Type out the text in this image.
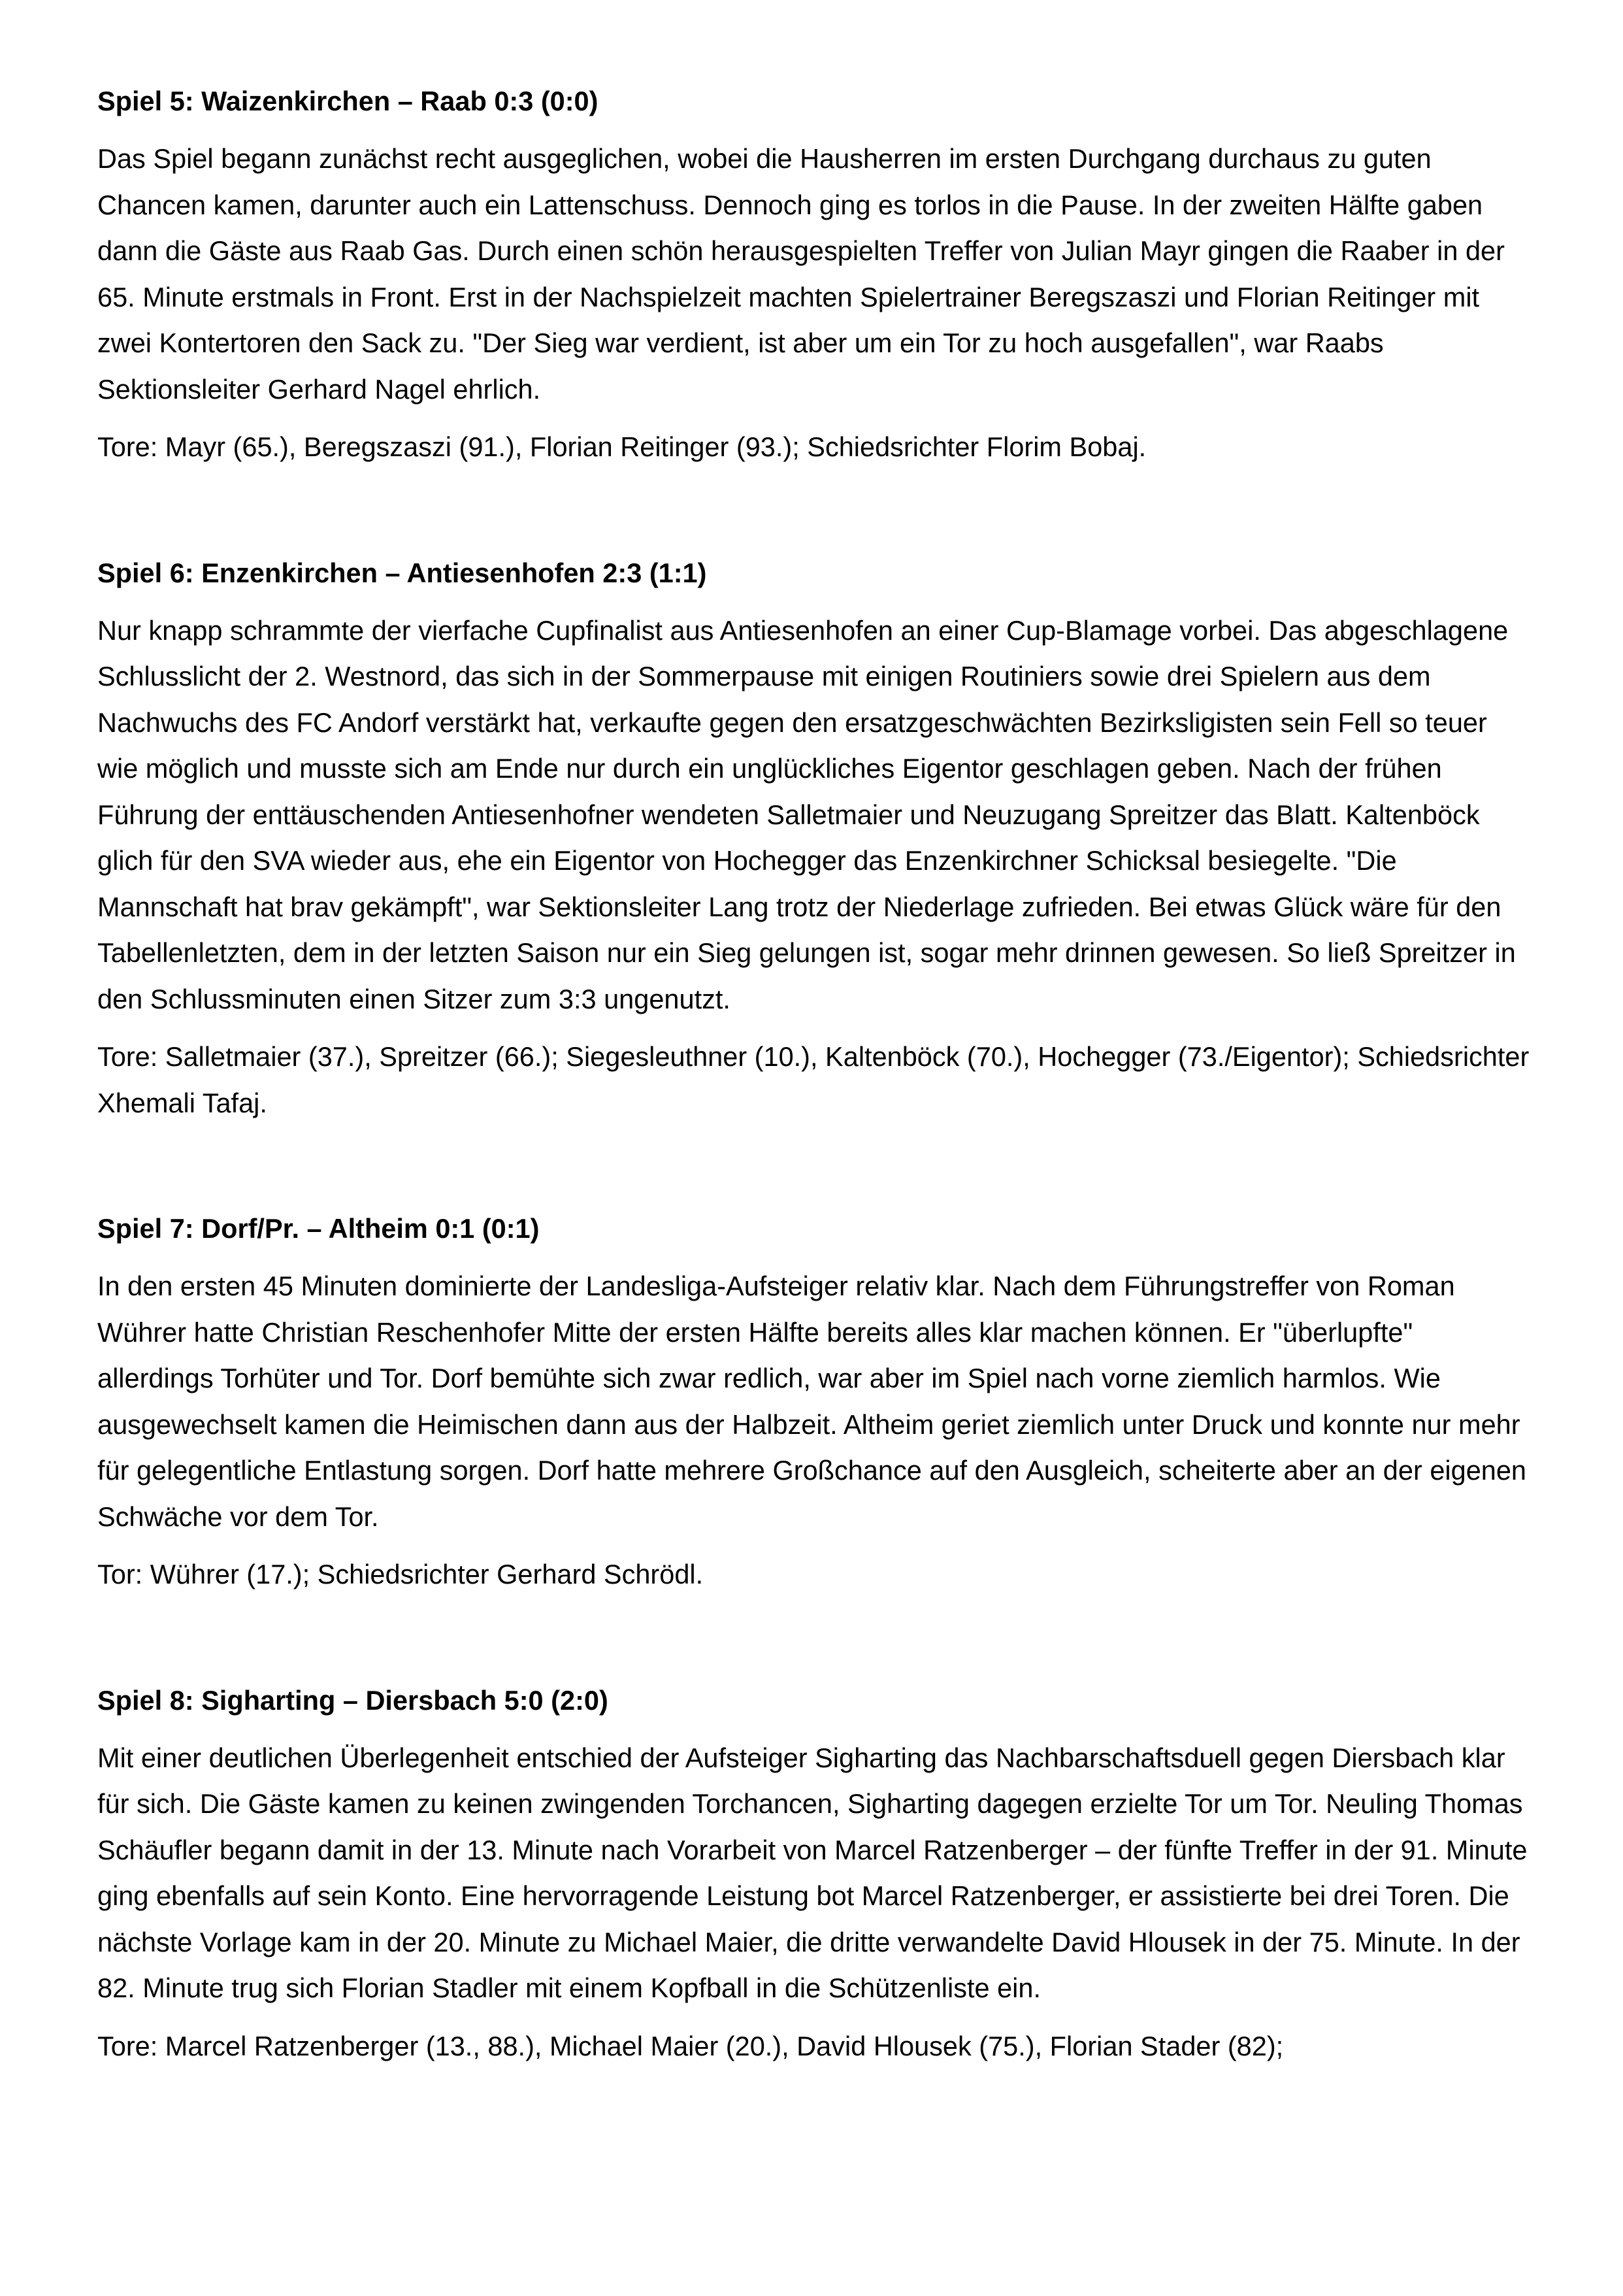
Spiel 5: Waizenkirchen – Raab 0:3 (0:0)

Das Spiel begann zunächst recht ausgeglichen, wobei die Hausherren im ersten Durchgang durchaus zu guten Chancen kamen, darunter auch ein Lattenschuss. Dennoch ging es torlos in die Pause. In der zweiten Hälfte gaben dann die Gäste aus Raab Gas. Durch einen schön herausgespielten Treffer von Julian Mayr gingen die Raaber in der 65. Minute erstmals in Front. Erst in der Nachspielzeit machten Spielertrainer Beregszaszi und Florian Reitinger mit zwei Kontertoren den Sack zu. "Der Sieg war verdient, ist aber um ein Tor zu hoch ausgefallen", war Raabs Sektionsleiter Gerhard Nagel ehrlich.

Tore: Mayr (65.), Beregszaszi (91.), Florian Reitinger (93.); Schiedsrichter Florim Bobaj.

Spiel 6: Enzenkirchen – Antiesenhofen 2:3 (1:1)

Nur knapp schrammte der vierfache Cupfinalist aus Antiesenhofen an einer Cup-Blamage vorbei. Das abgeschlagene Schlusslicht der 2. Westnord, das sich in der Sommerpause mit einigen Routiniers sowie drei Spielern aus dem Nachwuchs des FC Andorf verstärkt hat, verkaufte gegen den ersatzgeschwächten Bezirksligisten sein Fell so teuer wie möglich und musste sich am Ende nur durch ein unglückliches Eigentor geschlagen geben. Nach der frühen Führung der enttäuschenden Antiesenhofner wendeten Salletmaier und Neuzugang Spreitzer das Blatt. Kaltenböck glich für den SVA wieder aus, ehe ein Eigentor von Hochegger das Enzenkirchner Schicksal besiegelte. "Die Mannschaft hat brav gekämpft", war Sektionsleiter Lang trotz der Niederlage zufrieden. Bei etwas Glück wäre für den Tabellenletzten, dem in der letzten Saison nur ein Sieg gelungen ist, sogar mehr drinnen gewesen. So ließ Spreitzer in den Schlussminuten einen Sitzer zum 3:3 ungenutzt.

Tore: Salletmaier (37.), Spreitzer (66.); Siegesleuthner (10.), Kaltenböck (70.), Hochegger (73./Eigentor); Schiedsrichter Xhemali Tafaj.

Spiel 7: Dorf/Pr. – Altheim 0:1 (0:1)

In den ersten 45 Minuten dominierte der Landesliga-Aufsteiger relativ klar. Nach dem Führungstreffer von Roman Wührer hatte Christian Reschenhofer Mitte der ersten Hälfte bereits alles klar machen können. Er "überlupfte" allerdings Torhüter und Tor. Dorf bemühte sich zwar redlich, war aber im Spiel nach vorne ziemlich harmlos. Wie ausgewechselt kamen die Heimischen dann aus der Halbzeit. Altheim geriet ziemlich unter Druck und konnte nur mehr für gelegentliche Entlastung sorgen. Dorf hatte mehrere Großchance auf den Ausgleich, scheiterte aber an der eigenen Schwäche vor dem Tor.

Tor: Wührer (17.); Schiedsrichter Gerhard Schrödl.

Spiel 8: Sigharting – Diersbach 5:0 (2:0)

Mit einer deutlichen Überlegenheit entschied der Aufsteiger Sigharting das Nachbarschaftsduell gegen Diersbach klar für sich. Die Gäste kamen zu keinen zwingenden Torchancen, Sigharting dagegen erzielte Tor um Tor. Neuling Thomas Schäufler begann damit in der 13. Minute nach Vorarbeit von Marcel Ratzenberger – der fünfte Treffer in der 91. Minute ging ebenfalls auf sein Konto. Eine hervorragende Leistung bot Marcel Ratzenberger, er assistierte bei drei Toren. Die nächste Vorlage kam in der 20. Minute zu Michael Maier, die dritte verwandelte David Hlousek in der 75. Minute. In der 82. Minute trug sich Florian Stadler mit einem Kopfball in die Schützenliste ein.

Tore: Marcel Ratzenberger (13., 88.), Michael Maier (20.), David Hlousek (75.), Florian Stader (82);
